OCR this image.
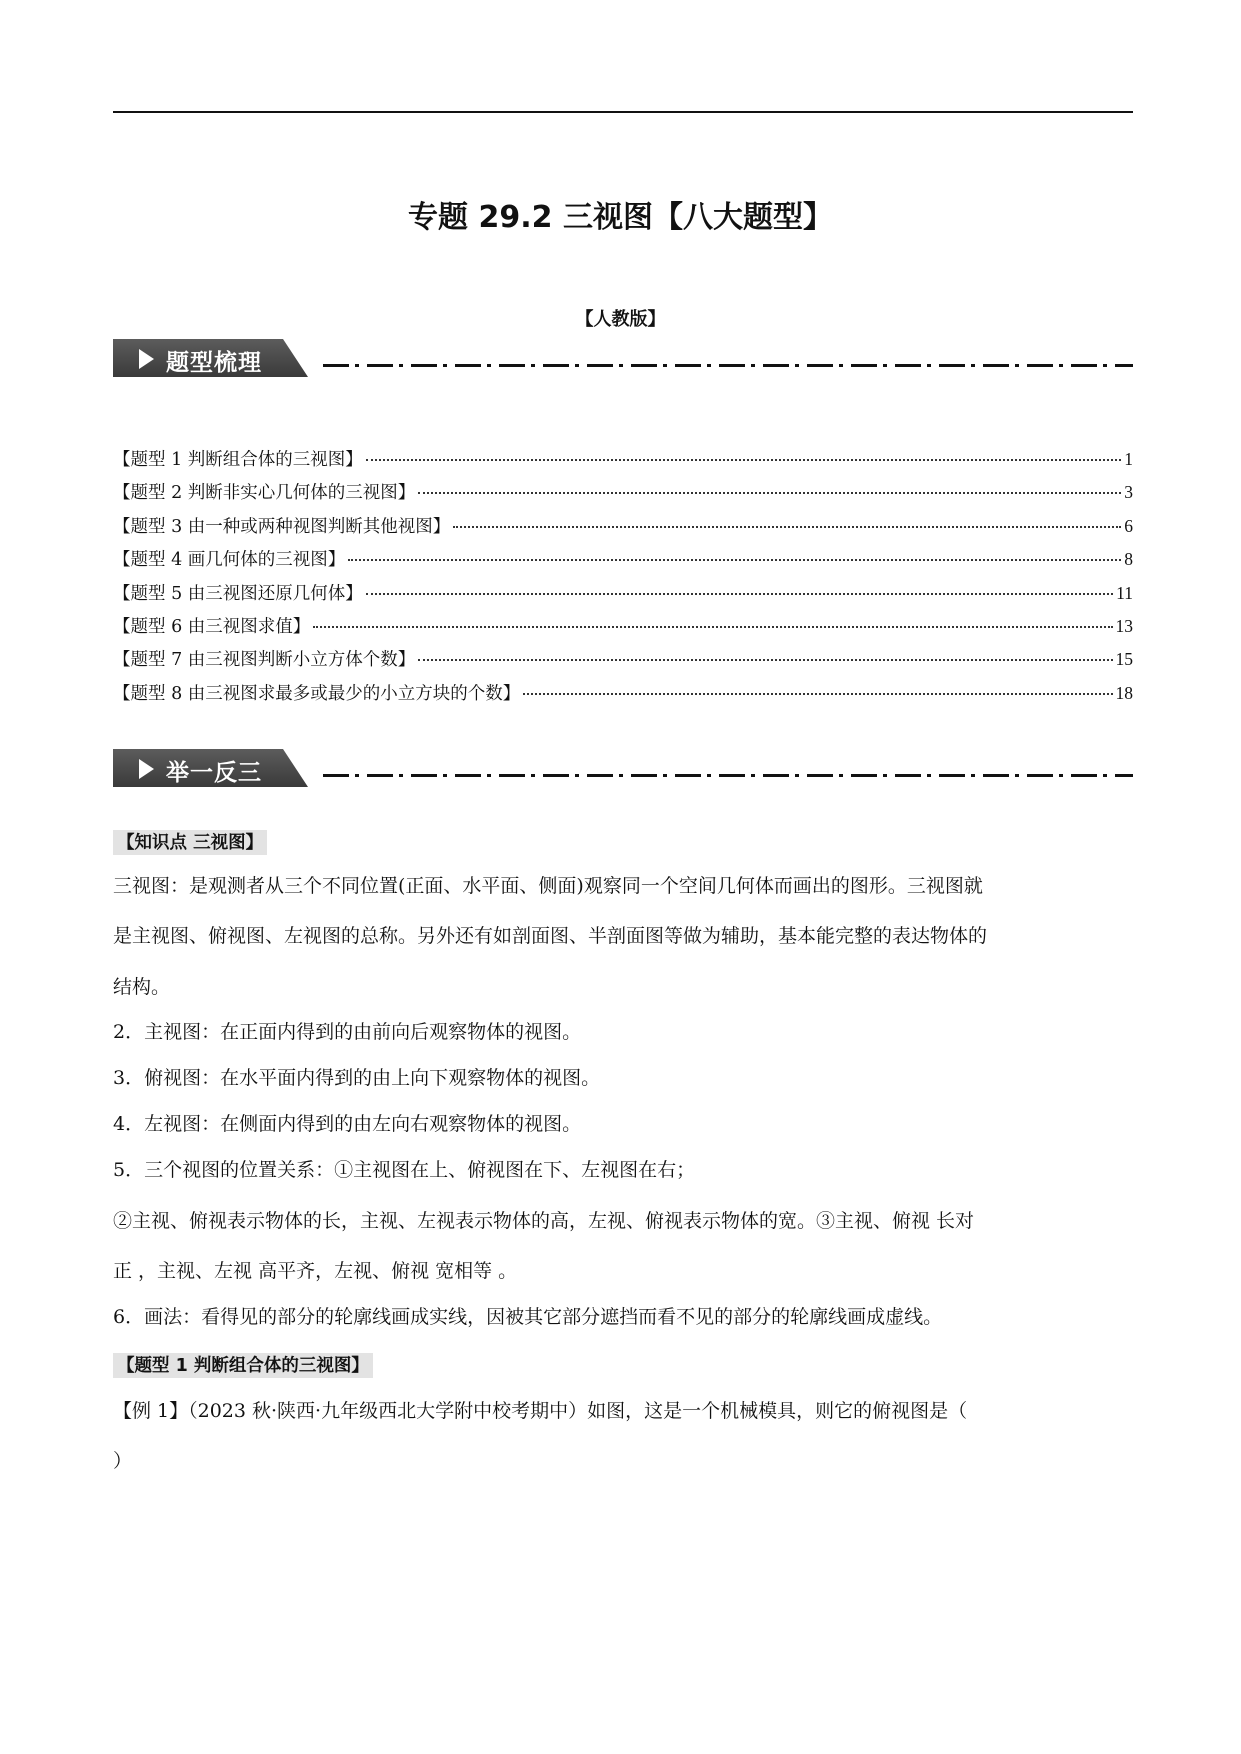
专题 29.2 三视图【八大题型】
【人教版】
题型梳理
【题型 1 判断组合体的三视图】	1
【题型 2 判断非实心几何体的三视图】	3
【题型 3 由一种或两种视图判断其他视图】	6
【题型 4 画几何体的三视图】	8
【题型 5 由三视图还原几何体】	11
【题型 6 由三视图求值】	13
【题型 7 由三视图判断小立方体个数】	15
【题型 8 由三视图求最多或最少的小立方块的个数】	18
举一反三
【知识点 三视图】
三视图：是观测者从三个不同位置(正面、水平面、侧面)观察同一个空间几何体而画出的图形。三视图就
是主视图、俯视图、左视图的总称。另外还有如剖面图、半剖面图等做为辅助，基本能完整的表达物体的
结构。
2．主视图：在正面内得到的由前向后观察物体的视图。
3．俯视图：在水平面内得到的由上向下观察物体的视图。
4．左视图：在侧面内得到的由左向右观察物体的视图。
5．三个视图的位置关系：①主视图在上、俯视图在下、左视图在右；
②主视、俯视表示物体的长，主视、左视表示物体的高，左视、俯视表示物体的宽。③主视、俯视 长对
正 ，主视、左视 高平齐，左视、俯视 宽相等 。
6．画法：看得见的部分的轮廓线画成实线，因被其它部分遮挡而看不见的部分的轮廓线画成虚线。
【题型 1 判断组合体的三视图】
【例 1】（2023 秋·陕西·九年级西北大学附中校考期中）如图，这是一个机械模具，则它的俯视图是（
）
